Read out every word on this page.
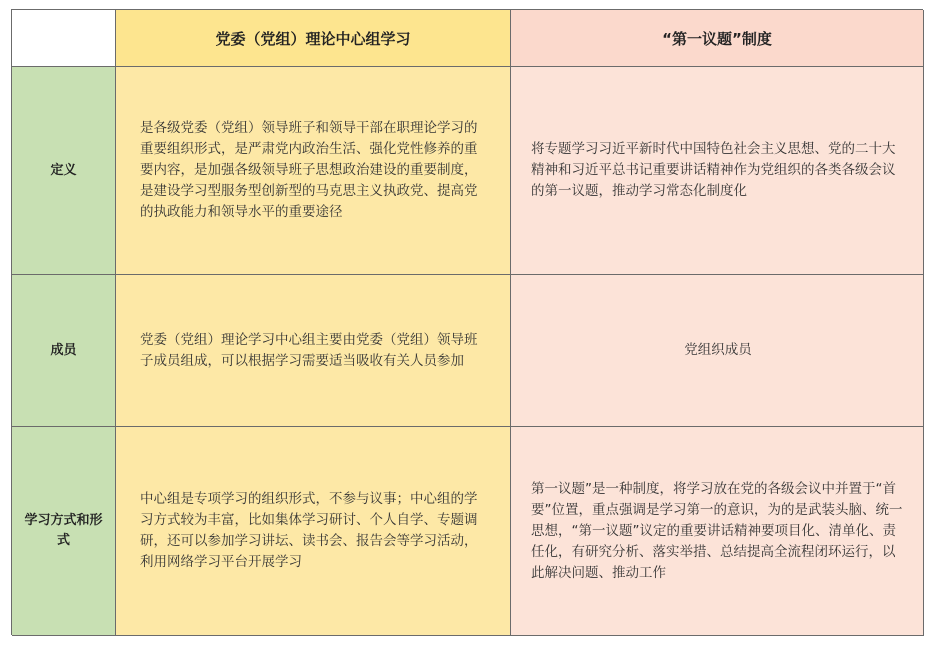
党委（党组）理论中心组学习	“第一议题”制度
定义
是各级党委（党组）领导班子和领导干部在职理论学习的重要组织形式，是严肃党内政治生活、强化党性修养的重要内容，是加强各级领导班子思想政治建设的重要制度，是建设学习型服务型创新型的马克思主义执政党、提高党的执政能力和领导水平的重要途径
将专题学习习近平新时代中国特色社会主义思想、党的二十大精神和习近平总书记重要讲话精神作为党组织的各类各级会议的第一议题，推动学习常态化制度化
成员
党委（党组）理论学习中心组主要由党委（党组）领导班子成员组成，可以根据学习需要适当吸收有关人员参加
党组织成员
学习方式和形式
中心组是专项学习的组织形式，不参与议事；中心组的学习方式较为丰富，比如集体学习研讨、个人自学、专题调研，还可以参加学习讲坛、读书会、报告会等学习活动，利用网络学习平台开展学习
第一议题”是一种制度，将学习放在党的各级会议中并置于“首要”位置，重点强调是学习第一的意识，为的是武装头脑、统一思想，“第一议题”议定的重要讲话精神要项目化、清单化、责任化，有研究分析、落实举措、总结提高全流程闭环运行，以此解决问题、推动工作
